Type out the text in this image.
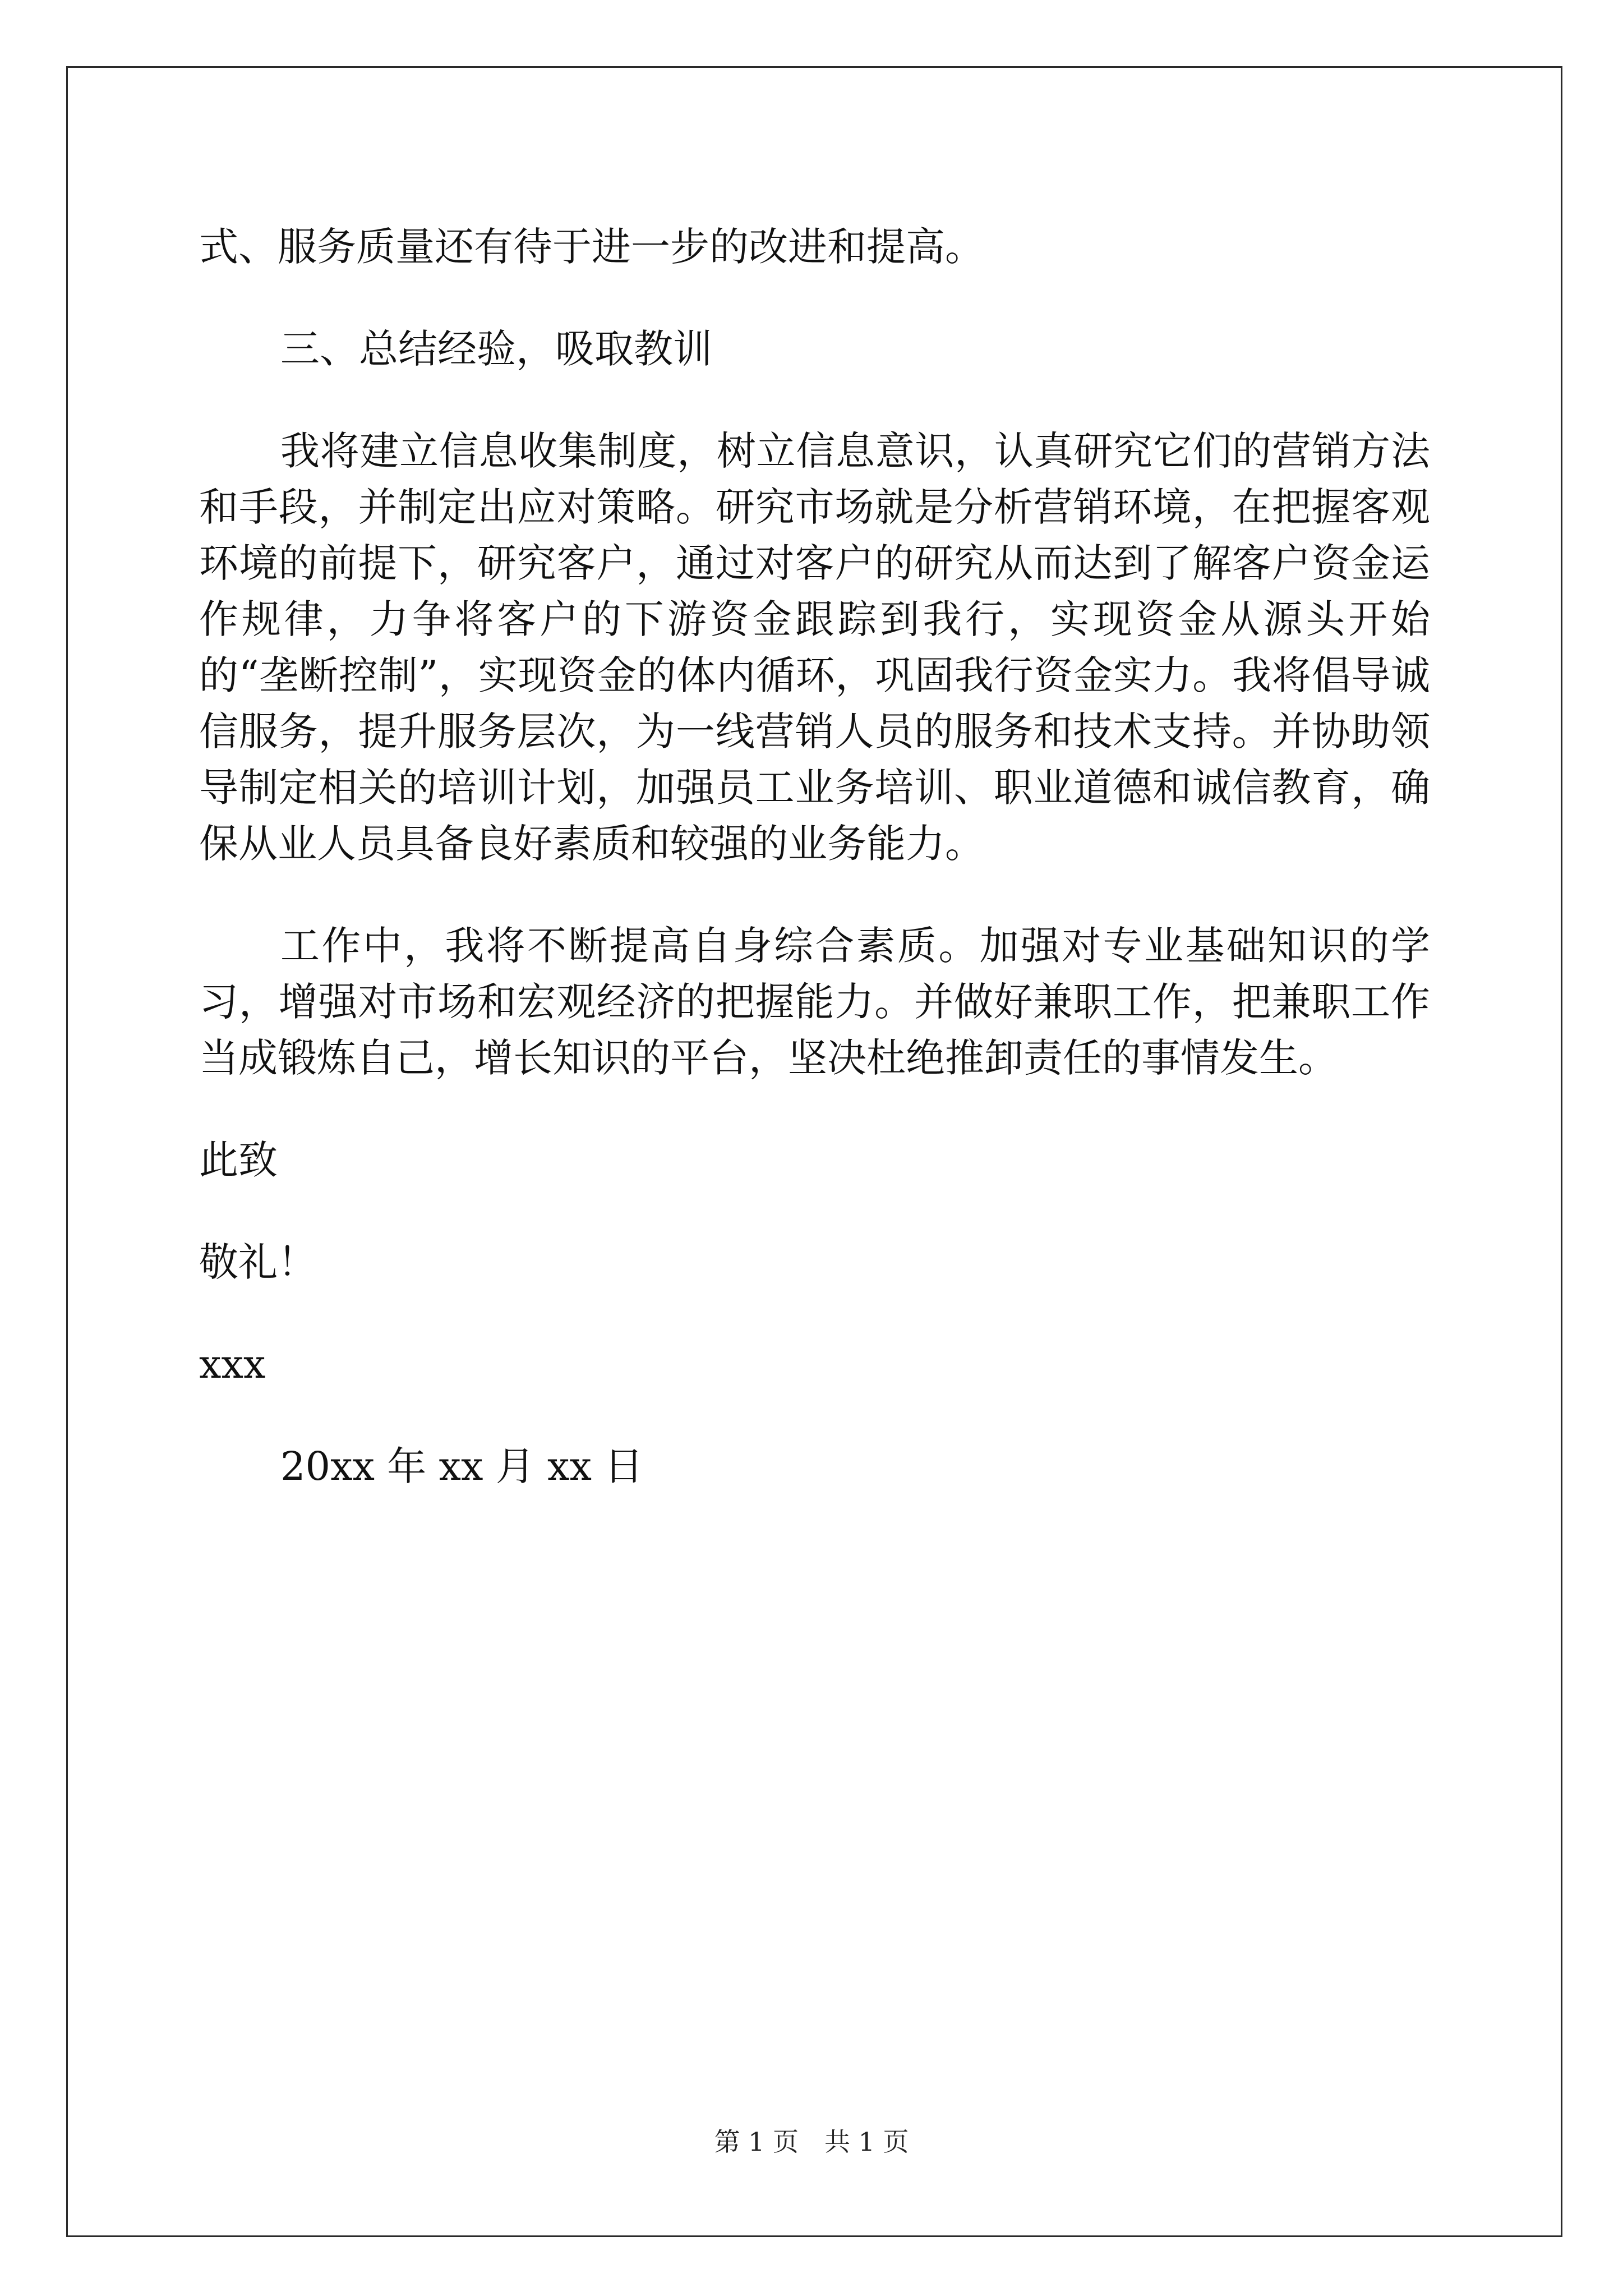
式、服务质量还有待于进一步的改进和提高。

三、总结经验，吸取教训

我将建立信息收集制度，树立信息意识，认真研究它们的营销方法和手段，并制定出应对策略。研究市场就是分析营销环境，在把握客观环境的前提下，研究客户，通过对客户的研究从而达到了解客户资金运作规律，力争将客户的下游资金跟踪到我行，实现资金从源头开始的“垄断控制”，实现资金的体内循环，巩固我行资金实力。我将倡导诚信服务，提升服务层次，为一线营销人员的服务和技术支持。并协助领导制定相关的培训计划，加强员工业务培训、职业道德和诚信教育，确保从业人员具备良好素质和较强的业务能力。

工作中，我将不断提高自身综合素质。加强对专业基础知识的学习，增强对市场和宏观经济的把握能力。并做好兼职工作，把兼职工作当成锻炼自己，增长知识的平台，坚决杜绝推卸责任的事情发生。

此致

敬礼！

xxx

20xx 年 xx 月 xx 日

第 1 页　共 1 页
